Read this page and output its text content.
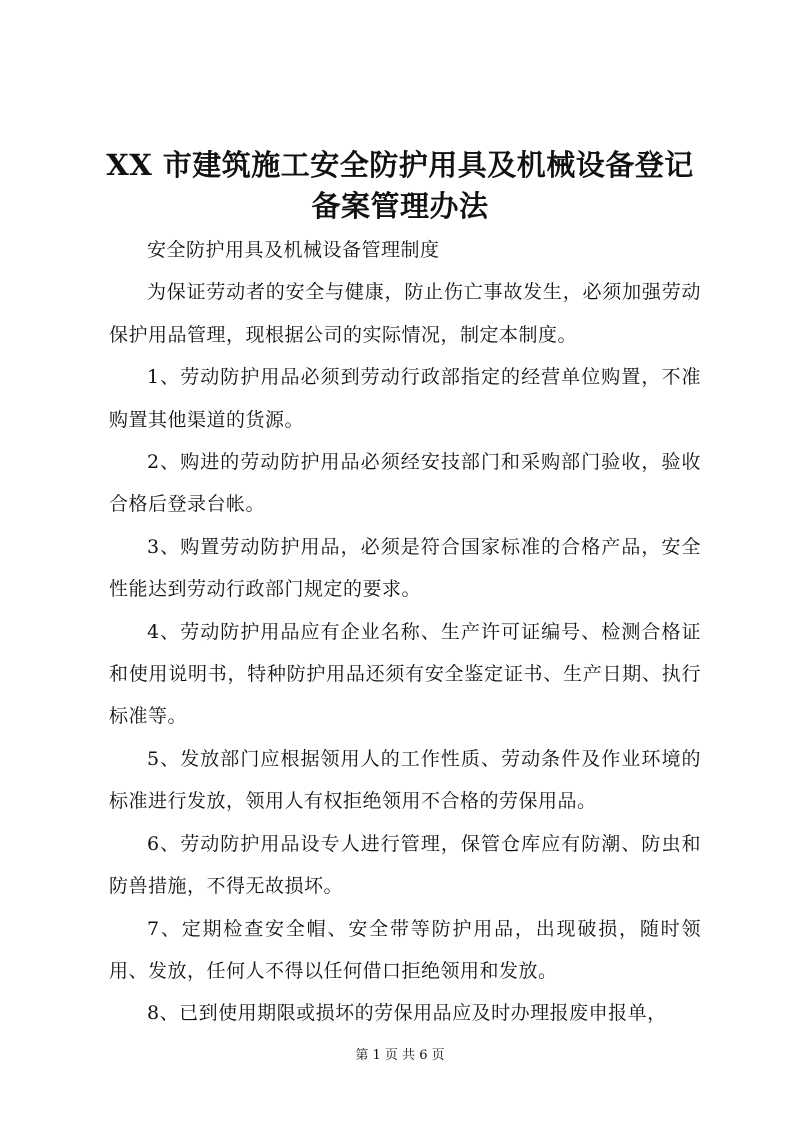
XX 市建筑施工安全防护用具及机械设备登记
备案管理办法

安全防护用具及机械设备管理制度

为保证劳动者的安全与健康，防止伤亡事故发生，必须加强劳动保护用品管理，现根据公司的实际情况，制定本制度。

1、劳动防护用品必须到劳动行政部指定的经营单位购置，不准购置其他渠道的货源。

2、购进的劳动防护用品必须经安技部门和采购部门验收，验收合格后登录台帐。

3、购置劳动防护用品，必须是符合国家标准的合格产品，安全性能达到劳动行政部门规定的要求。

4、劳动防护用品应有企业名称、生产许可证编号、检测合格证和使用说明书，特种防护用品还须有安全鉴定证书、生产日期、执行标准等。

5、发放部门应根据领用人的工作性质、劳动条件及作业环境的标准进行发放，领用人有权拒绝领用不合格的劳保用品。

6、劳动防护用品设专人进行管理，保管仓库应有防潮、防虫和防兽措施，不得无故损坏。

7、定期检查安全帽、安全带等防护用品，出现破损，随时领用、发放，任何人不得以任何借口拒绝领用和发放。

8、已到使用期限或损坏的劳保用品应及时办理报废申报单，

第 1 页 共 6 页
